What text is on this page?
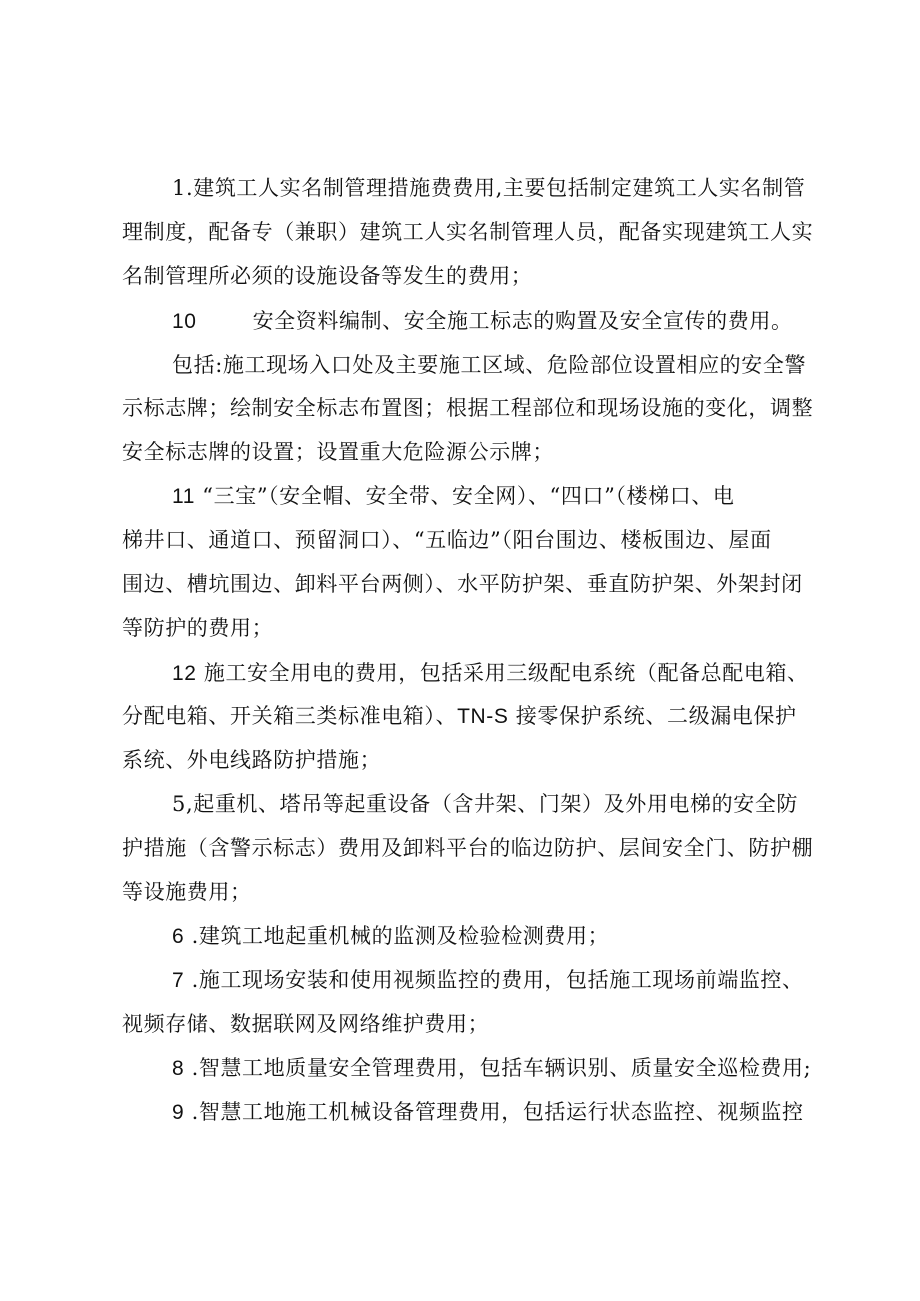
1.建筑工人实名制管理措施费费用,主要包括制定建筑工人实名制管
理制度，配备专（兼职）建筑工人实名制管理人员，配备实现建筑工人实
名制管理所必须的设施设备等发生的费用；
10	安全资料编制、安全施工标志的购置及安全宣传的费用。
包括:施工现场入口处及主要施工区域、危险部位设置相应的安全警
示标志牌；绘制安全标志布置图；根据工程部位和现场设施的变化，调整
安全标志牌的设置；设置重大危险源公示牌；
11 “三宝”（安全帽、安全带、安全网）、“四口”（楼梯口、电
梯井口、通道口、预留洞口）、“五临边”（阳台围边、楼板围边、屋面
围边、槽坑围边、卸料平台两侧）、水平防护架、垂直防护架、外架封闭
等防护的费用；
12 施工安全用电的费用，包括采用三级配电系统（配备总配电箱、
分配电箱、开关箱三类标准电箱）、TN-S 接零保护系统、二级漏电保护
系统、外电线路防护措施；
5,起重机、塔吊等起重设备（含井架、门架）及外用电梯的安全防
护措施（含警示标志）费用及卸料平台的临边防护、层间安全门、防护棚
等设施费用；
6 .建筑工地起重机械的监测及检验检测费用；
7 .施工现场安装和使用视频监控的费用，包括施工现场前端监控、
视频存储、数据联网及网络维护费用；
8 .智慧工地质量安全管理费用，包括车辆识别、质量安全巡检费用;
9 .智慧工地施工机械设备管理费用，包括运行状态监控、视频监控
